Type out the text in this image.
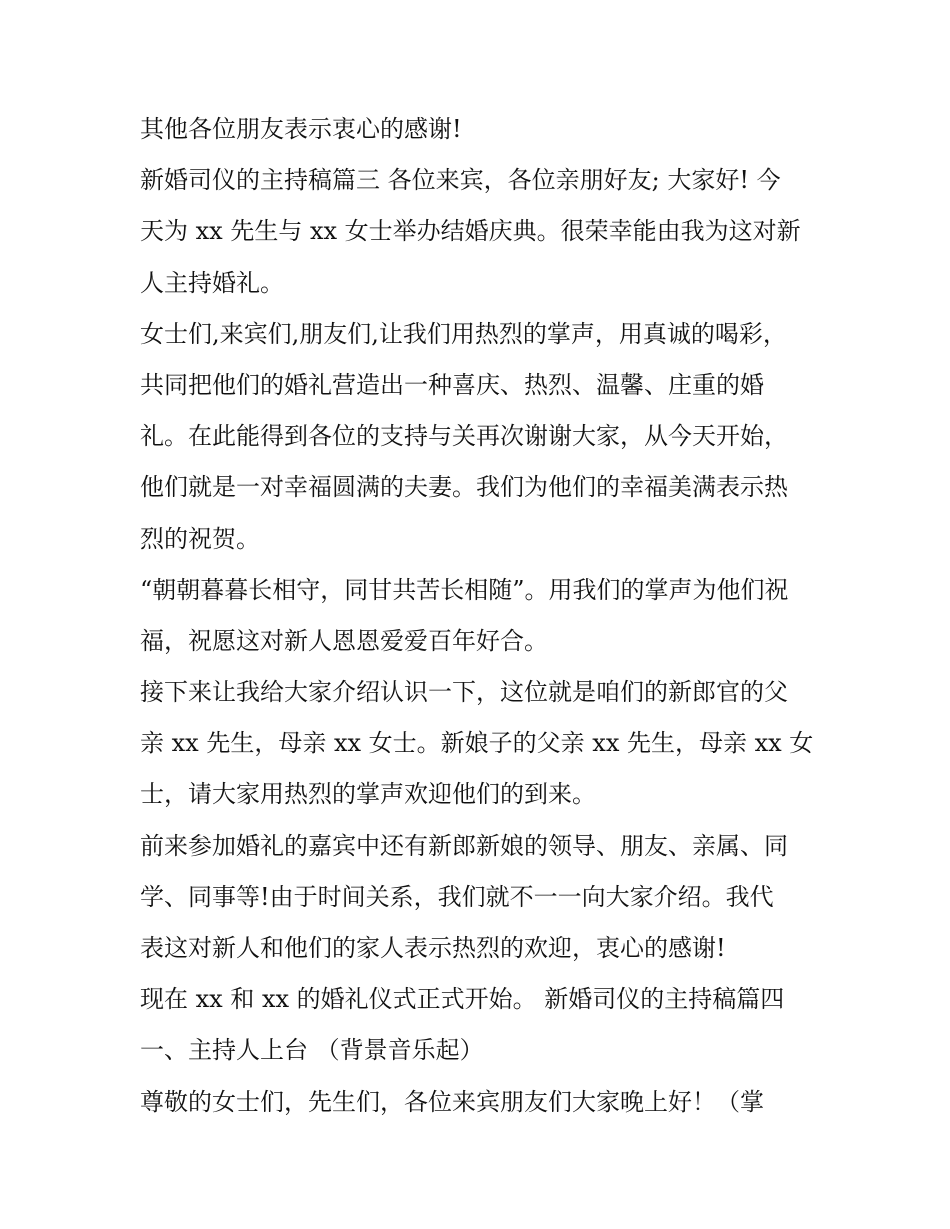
其他各位朋友表示衷心的感谢!
新婚司仪的主持稿篇三 各位来宾，各位亲朋好友; 大家好! 今
天为 xx 先生与 xx 女士举办结婚庆典。很荣幸能由我为这对新
人主持婚礼。
女士们,来宾们,朋友们,让我们用热烈的掌声，用真诚的喝彩，
共同把他们的婚礼营造出一种喜庆、热烈、温馨、庄重的婚
礼。在此能得到各位的支持与关再次谢谢大家，从今天开始，
他们就是一对幸福圆满的夫妻。我们为他们的幸福美满表示热
烈的祝贺。
“朝朝暮暮长相守，同甘共苦长相随”。用我们的掌声为他们祝
福，祝愿这对新人恩恩爱爱百年好合。
接下来让我给大家介绍认识一下，这位就是咱们的新郎官的父
亲 xx 先生，母亲 xx 女士。新娘子的父亲 xx 先生，母亲 xx 女
士，请大家用热烈的掌声欢迎他们的到来。
前来参加婚礼的嘉宾中还有新郎新娘的领导、朋友、亲属、同
学、同事等!由于时间关系，我们就不一一向大家介绍。我代
表这对新人和他们的家人表示热烈的欢迎，衷心的感谢!
现在 xx 和 xx 的婚礼仪式正式开始。 新婚司仪的主持稿篇四
一、主持人上台 （背景音乐起）
尊敬的女士们，先生们，各位来宾朋友们大家晚上好！（掌
